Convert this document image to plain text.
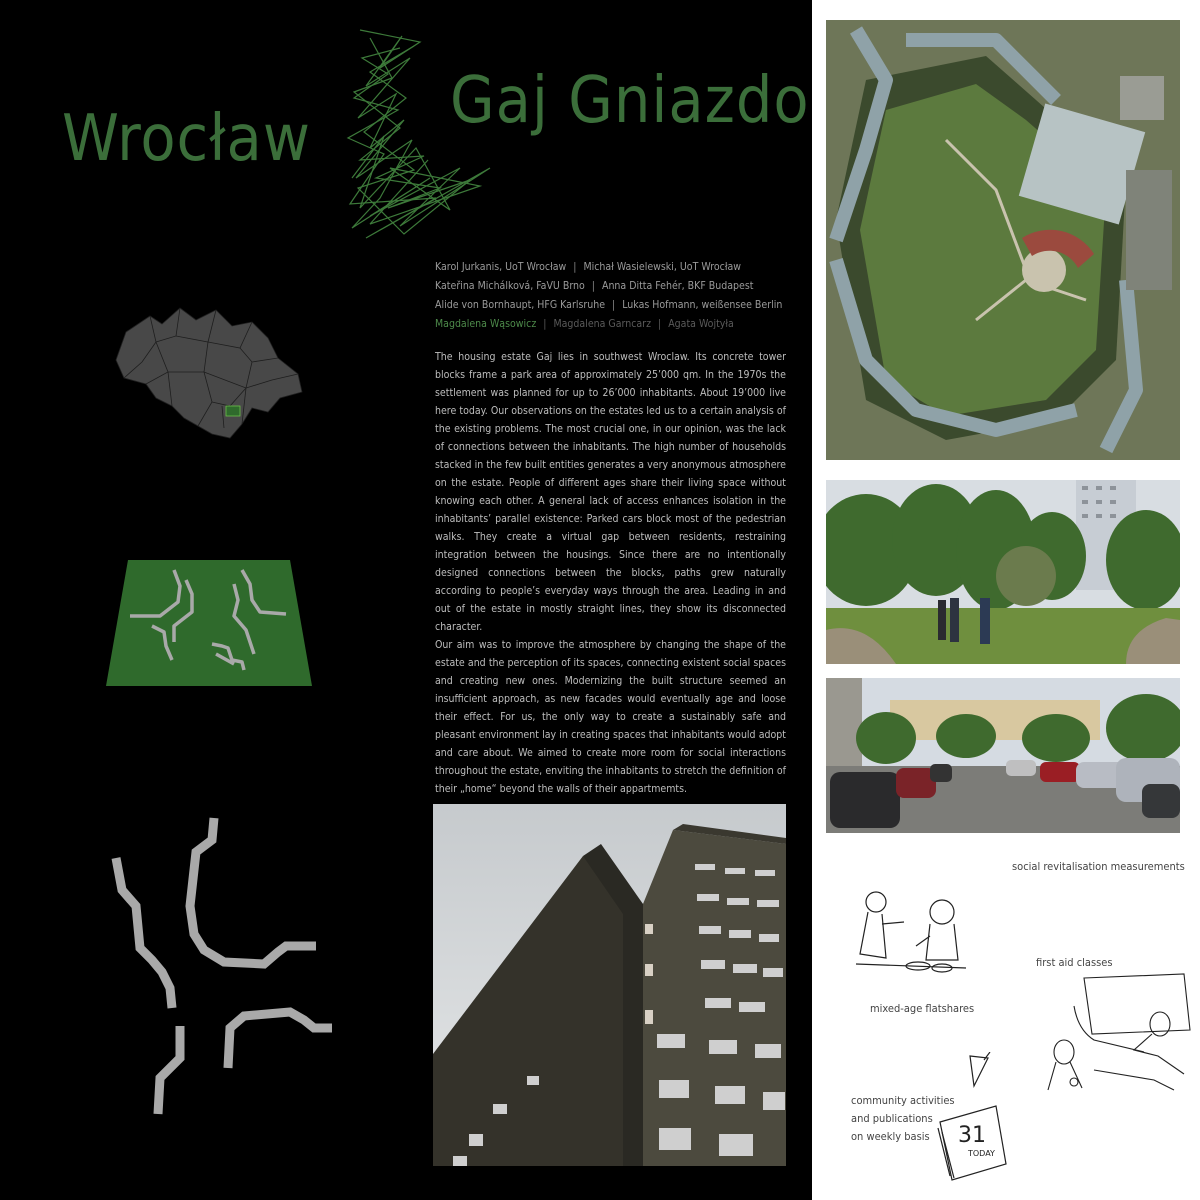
Wrocław
Gaj Gniazdo
Karol Jurkanis, UoT Wrocław | Michał Wasielewski, UoT Wrocław
Kateřina Michálková, FaVU Brno | Anna Ditta Fehér, BKF Budapest
Alide von Bornhaupt, HFG Karlsruhe | Lukas Hofmann, weißensee Berlin
Magdalena Wąsowicz | Magdalena Garncarz | Agata Wojtyła

The housing estate Gaj lies in southwest Wroclaw. Its concrete tower blocks frame a park area of approximately 25’000 qm. In the 1970s the settlement was planned for up to 26’000 inhabitants. About 19’000 live here today. Our observations on the estates led us to a certain analysis of the existing problems. The most crucial one, in our opinion, was the lack of connections between the inhabitants. The high number of households stacked in the few built entities generates a very anonymous atmosphere on the estate. People of different ages share their living space without knowing each other. A general lack of access enhances isolation in the inhabitants’ parallel existence: Parked cars block most of the pedestrian walks. They create a virtual gap between residents, restraining integration between the housings. Since there are no intentionally designed connections between the blocks, paths grew naturally according to people’s everyday ways through the area. Leading in and out of the estate in mostly straight lines, they show its disconnected character.

Our aim was to improve the atmosphere by changing the shape of the estate and the perception of its spaces, connecting existent social spaces and creating new ones. Modernizing the built structure seemed an insufficient approach, as new facades would eventually age and loose their effect. For us, the only way to create a sustainably safe and pleasant environment lay in creating spaces that inhabitants would adopt and care about. We aimed to create more room for social interactions throughout the estate, enviting the inhabitants to stretch the definition of their „home“ beyond the walls of their appartmemts.

social revitalisation measurements
mixed-age flatshares
first aid classes
community activities
and publications
on weekly basis 31
TODAY
